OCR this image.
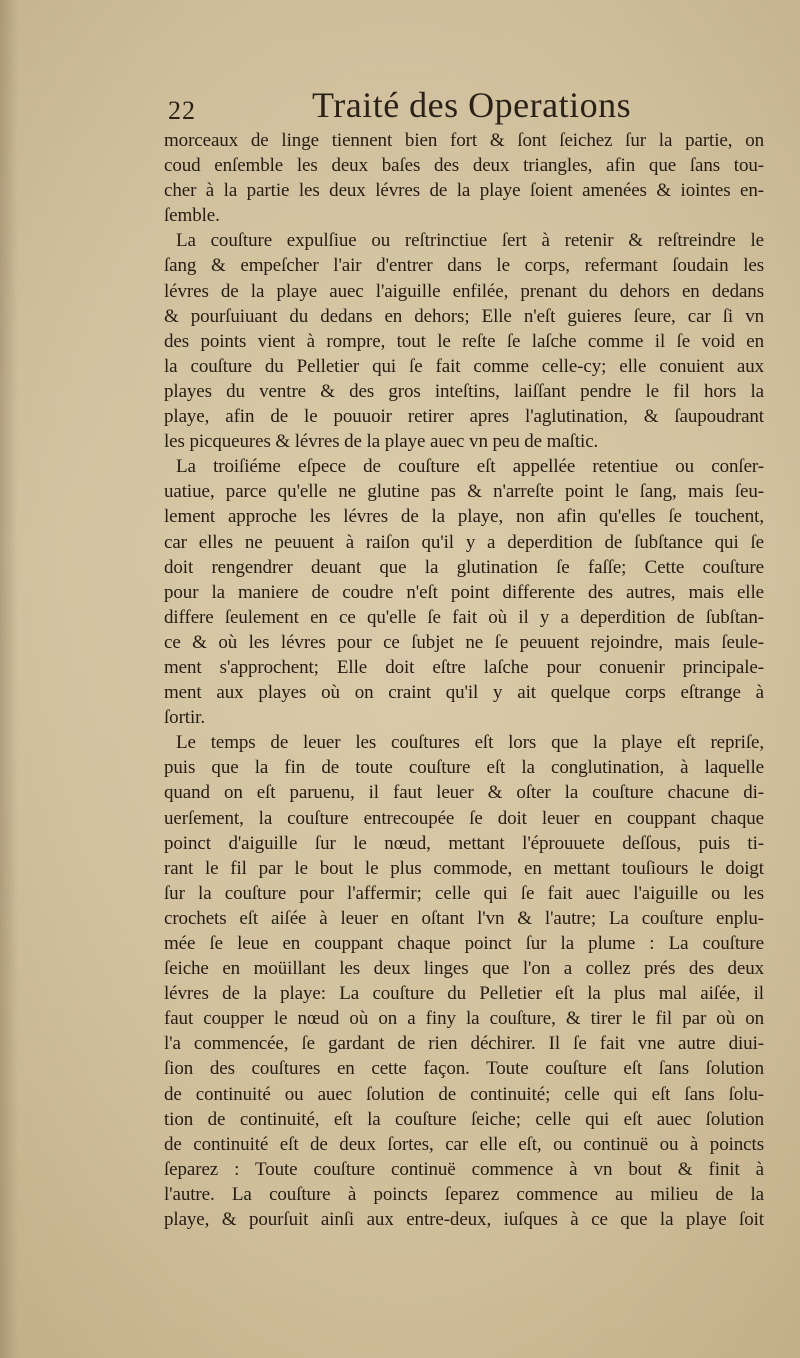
22	Traité des Operations
morceaux de linge tiennent bien fort & ſont ſeichez ſur la partie, on
coud enſemble les deux baſes des deux triangles, afin que ſans tou-
cher à la partie les deux lévres de la playe ſoient amenées & iointes en-
ſemble.
La couſture expulſiue ou reſtrinctiue ſert à retenir & reſtreindre le
ſang & empeſcher l'air d'entrer dans le corps, refermant ſoudain les
lévres de la playe auec l'aiguille enfilée, prenant du dehors en dedans
& pourſuiuant du dedans en dehors; Elle n'eſt guieres ſeure, car ſi vn
des points vient à rompre, tout le reſte ſe laſche comme il ſe void en
la couſture du Pelletier qui ſe fait comme celle-cy; elle conuient aux
playes du ventre & des gros inteſtins, laiſſant pendre le fil hors la
playe, afin de le pouuoir retirer apres l'aglutination, & ſaupoudrant
les picqueures & lévres de la playe auec vn peu de maſtic.
La troiſiéme eſpece de couſture eſt appellée retentiue ou conſer-
uatiue, parce qu'elle ne glutine pas & n'arreſte point le ſang, mais ſeu-
lement approche les lévres de la playe, non afin qu'elles ſe touchent,
car elles ne peuuent à raiſon qu'il y a deperdition de ſubſtance qui ſe
doit rengendrer deuant que la glutination ſe faſſe; Cette couſture
pour la maniere de coudre n'eſt point differente des autres, mais elle
differe ſeulement en ce qu'elle ſe fait où il y a deperdition de ſubſtan-
ce & où les lévres pour ce ſubjet ne ſe peuuent rejoindre, mais ſeule-
ment s'approchent; Elle doit eſtre laſche pour conuenir principale-
ment aux playes où on craint qu'il y ait quelque corps eſtrange à
ſortir.
Le temps de leuer les couſtures eſt lors que la playe eſt repriſe,
puis que la fin de toute couſture eſt la conglutination, à laquelle
quand on eſt paruenu, il faut leuer & oſter la couſture chacune di-
uerſement, la couſture entrecoupée ſe doit leuer en couppant chaque
poinct d'aiguille ſur le nœud, mettant l'éprouuete deſſous, puis ti-
rant le fil par le bout le plus commode, en mettant touſiours le doigt
ſur la couſture pour l'affermir; celle qui ſe fait auec l'aiguille ou les
crochets eſt aiſée à leuer en oſtant l'vn & l'autre; La couſture enplu-
mée ſe leue en couppant chaque poinct ſur la plume : La couſture
ſeiche en moüillant les deux linges que l'on a collez prés des deux
lévres de la playe: La couſture du Pelletier eſt la plus mal aiſée, il
faut coupper le nœud où on a finy la couſture, & tirer le fil par où on
l'a commencée, ſe gardant de rien déchirer. Il ſe fait vne autre diui-
ſion des couſtures en cette façon. Toute couſture eſt ſans ſolution
de continuité ou auec ſolution de continuité; celle qui eſt ſans ſolu-
tion de continuité, eſt la couſture ſeiche; celle qui eſt auec ſolution
de continuité eſt de deux ſortes, car elle eſt, ou continuë ou à poincts
ſeparez : Toute couſture continuë commence à vn bout & finit à
l'autre. La couſture à poincts ſeparez commence au milieu de la
playe, & pourſuit ainſi aux entre-deux, iuſques à ce que la playe ſoit
